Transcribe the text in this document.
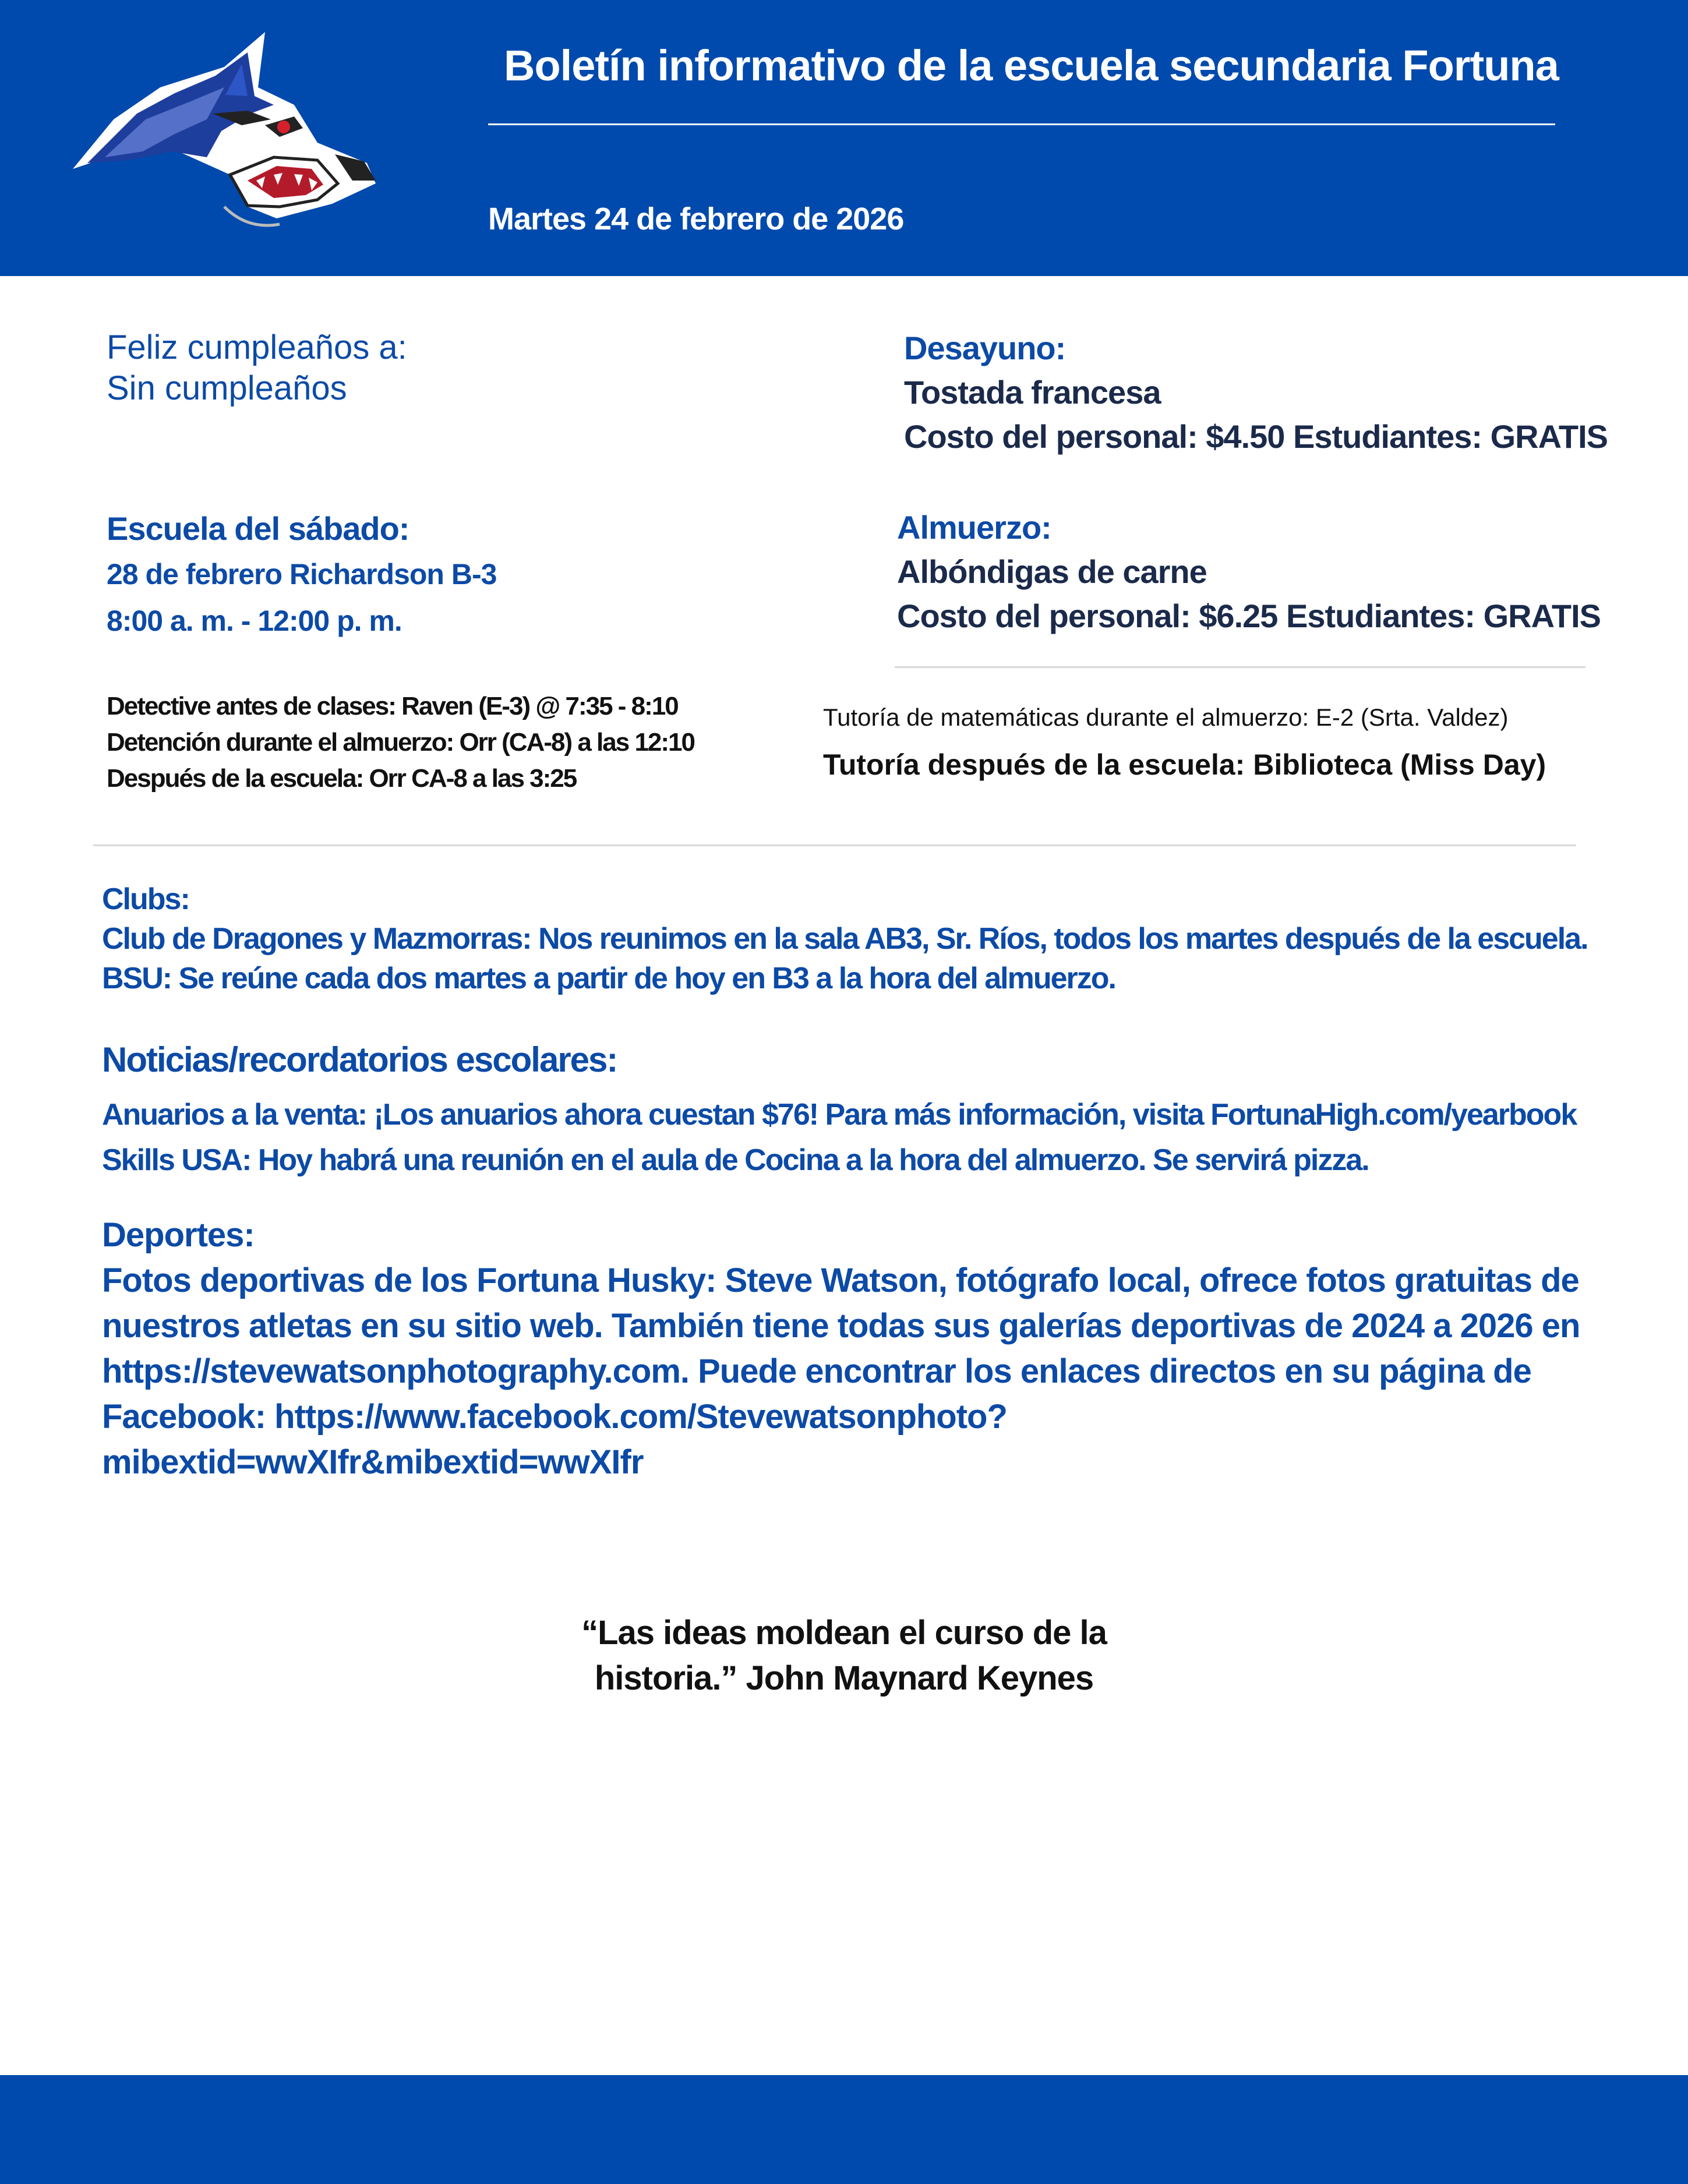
Boletín informativo de la escuela secundaria Fortuna
Martes 24 de febrero de 2026
Feliz cumpleaños a:
Sin cumpleaños
Desayuno:
Tostada francesa
Costo del personal: $4.50 Estudiantes: GRATIS
Escuela del sábado:
28 de febrero Richardson B-3
8:00 a. m. - 12:00 p. m.
Almuerzo:
Albóndigas de carne
Costo del personal: $6.25 Estudiantes: GRATIS
Detective antes de clases: Raven (E-3) @ 7:35 - 8:10
Detención durante el almuerzo: Orr (CA-8) a las 12:10
Después de la escuela: Orr CA-8 a las 3:25
Tutoría de matemáticas durante el almuerzo: E-2 (Srta. Valdez)
Tutoría después de la escuela: Biblioteca (Miss Day)
Clubs:
Club de Dragones y Mazmorras: Nos reunimos en la sala AB3, Sr. Ríos, todos los martes después de la escuela.
BSU: Se reúne cada dos martes a partir de hoy en B3 a la hora del almuerzo.
Noticias/recordatorios escolares:
Anuarios a la venta: ¡Los anuarios ahora cuestan $76! Para más información, visita FortunaHigh.com/yearbook
Skills USA: Hoy habrá una reunión en el aula de Cocina a la hora del almuerzo. Se servirá pizza.
Deportes:
Fotos deportivas de los Fortuna Husky: Steve Watson, fotógrafo local, ofrece fotos gratuitas de
nuestros atletas en su sitio web. También tiene todas sus galerías deportivas de 2024 a 2026 en
https://stevewatsonphotography.com. Puede encontrar los enlaces directos en su página de
Facebook: https://www.facebook.com/Stevewatsonphoto?
mibextid=wwXIfr&mibextid=wwXIfr
“Las ideas moldean el curso de la
historia.” John Maynard Keynes
